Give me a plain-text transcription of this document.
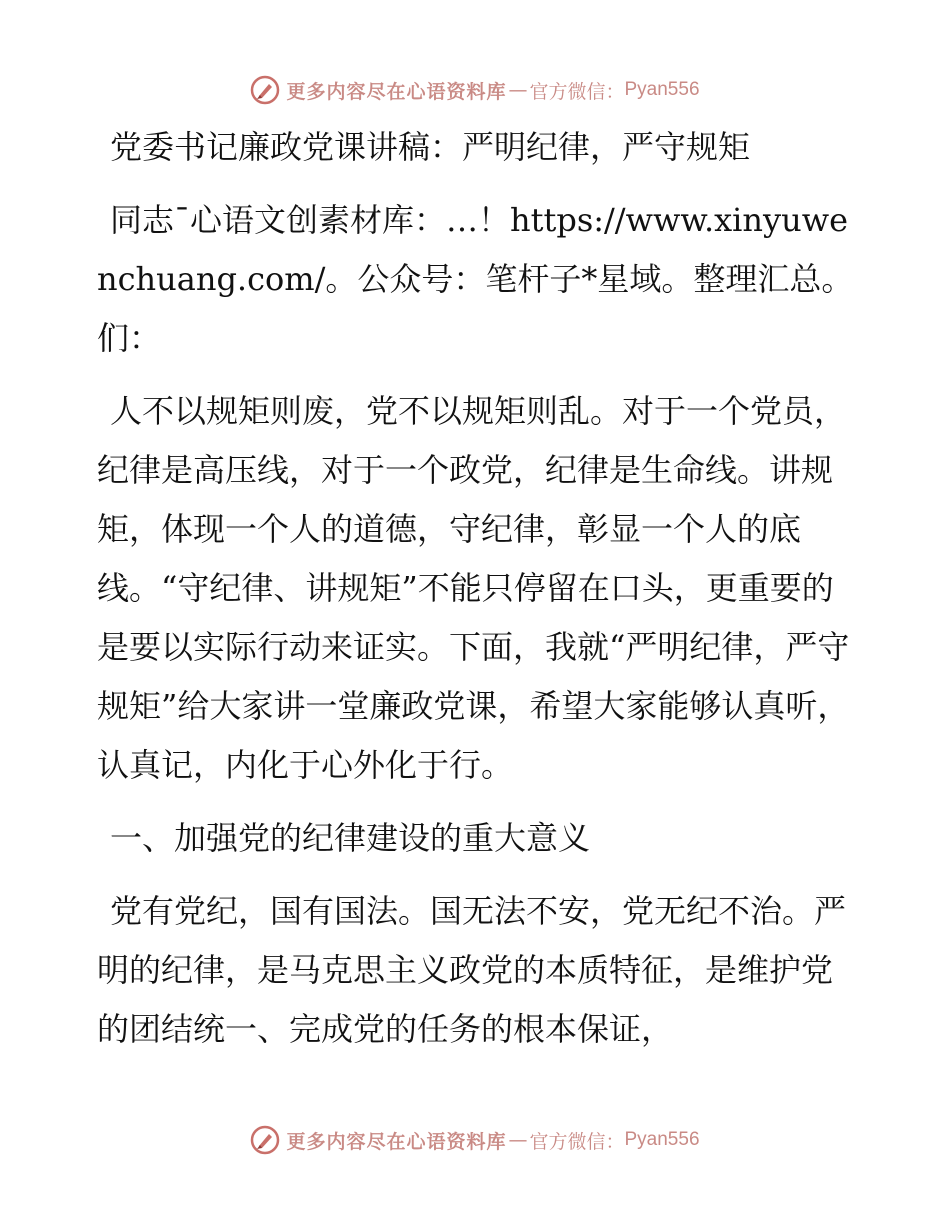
更多内容尽在心语资料库 — 官方微信： Pyan556

党委书记廉政党课讲稿：严明纪律，严守规矩

同志¯心语文创素材库：…！https://www.xinyuwenchuang.com/。公众号：笔杆子*星域。整理汇总。们：

人不以规矩则废，党不以规矩则乱。对于一个党员，纪律是高压线，对于一个政党，纪律是生命线。讲规矩，体现一个人的道德，守纪律，彰显一个人的底线。“守纪律、讲规矩”不能只停留在口头，更重要的是要以实际行动来证实。下面，我就“严明纪律，严守规矩”给大家讲一堂廉政党课，希望大家能够认真听，认真记，内化于心外化于行。

一、加强党的纪律建设的重大意义

党有党纪，国有国法。国无法不安，党无纪不治。严明的纪律，是马克思主义政党的本质特征，是维护党的团结统一、完成党的任务的根本保证，

更多内容尽在心语资料库 — 官方微信： Pyan556
